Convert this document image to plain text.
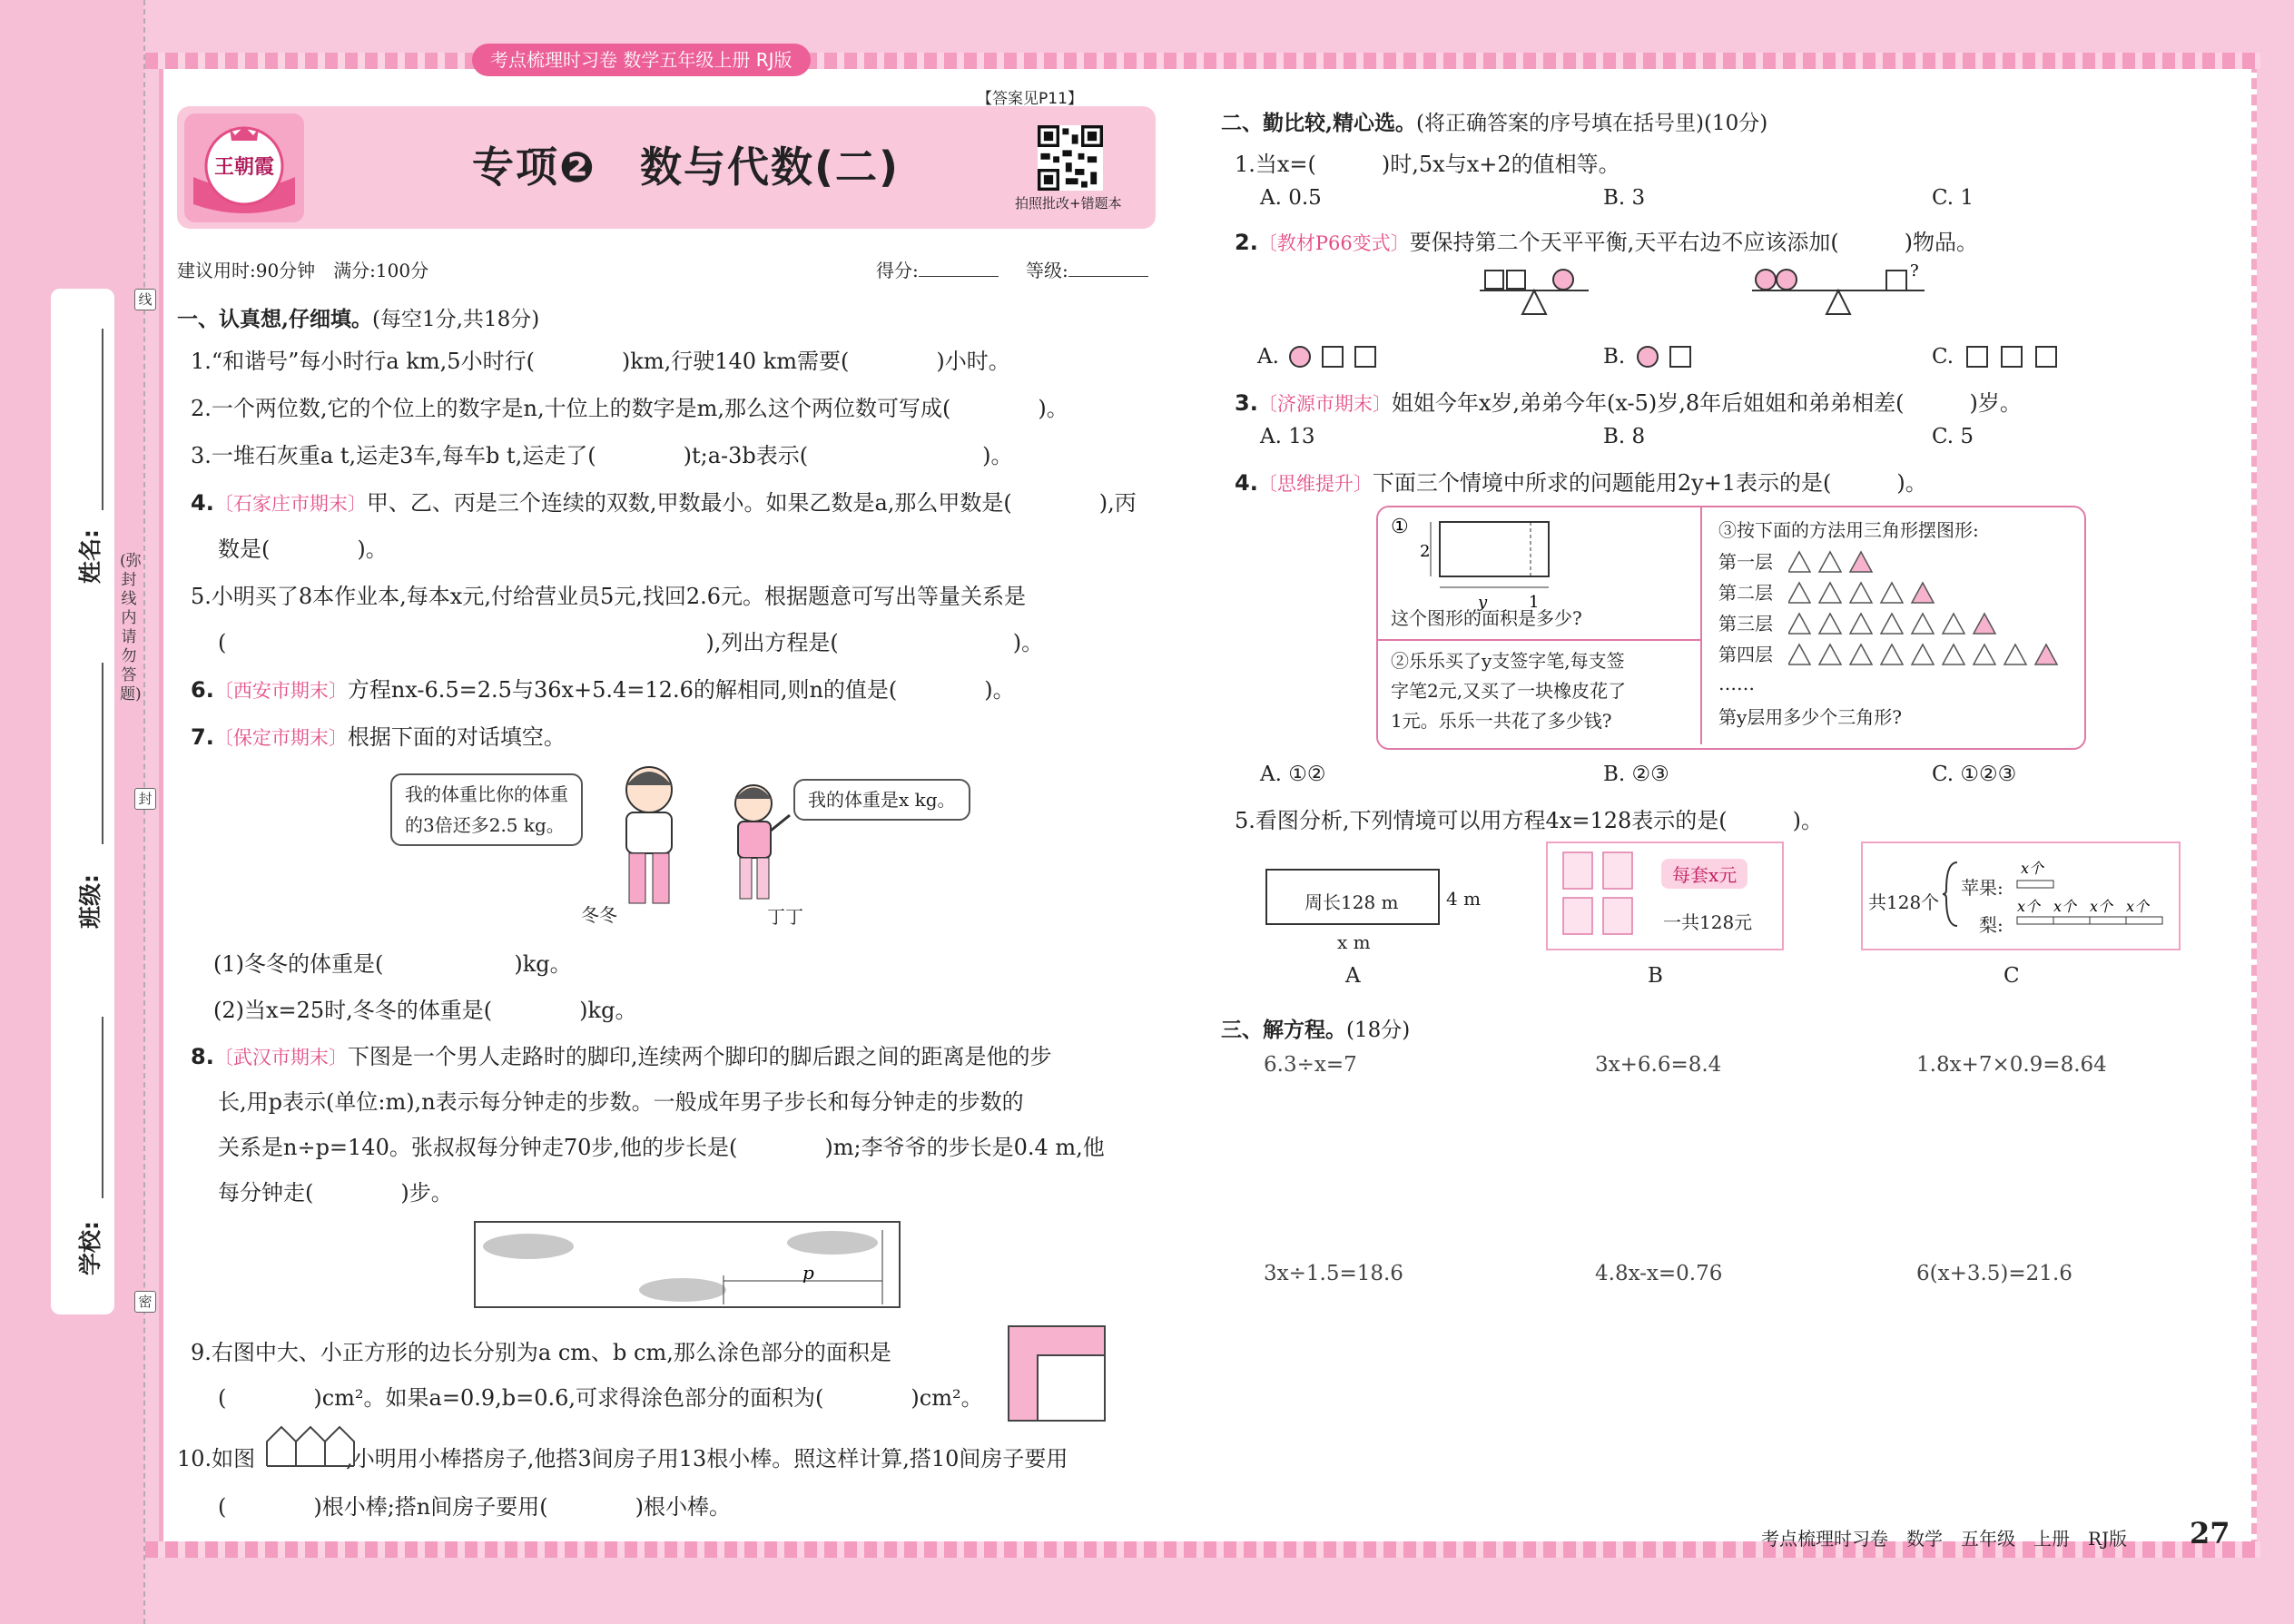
线
封
密
姓名:
班级:
学校:
(弥封线内请勿答题)
考点梳理时习卷 数学五年级上册 RJ版
王朝霞
【答案见P11】
专项❷　数与代数(二)
拍照批改+错题本
建议用时:90分钟　 满分:100分	得分:	等级:
一、认真想,仔细填。(每空1分,共18分)
1.“和谐号”每小时行a km,5小时行(　　　　)km,行驶140 km需要(　　　　)小时。
2.一个两位数,它的个位上的数字是n,十位上的数字是m,那么这个两位数可写成(　　　　)。
3.一堆石灰重a t,运走3车,每车b t,运走了(　　　　)t;a-3b表示(　　　　　　　　)。
4.〔石家庄市期末〕甲、乙、丙是三个连续的双数,甲数最小。如果乙数是a,那么甲数是(　　　　),丙
数是(　　　　)。
5.小明买了8本作业本,每本x元,付给营业员5元,找回2.6元。根据题意可写出等量关系是
(　　　　　　　　　　　　　　　　　　　　　　),列出方程是(　　　　　　　　)。
6.〔西安市期末〕方程nx-6.5=2.5与36x+5.4=12.6的解相同,则n的值是(　　　　)。
7.〔保定市期末〕根据下面的对话填空。
我的体重比你的体重
的3倍还多2.5 kg。
我的体重是x kg。
冬冬	丁丁
(1)冬冬的体重是(　　　　　　)kg。
(2)当x=25时,冬冬的体重是(　　　　)kg。
8.〔武汉市期末〕下图是一个男人走路时的脚印,连续两个脚印的脚后跟之间的距离是他的步
长,用p表示(单位:m),n表示每分钟走的步数。一般成年男子步长和每分钟走的步数的
关系是n÷p=140。张叔叔每分钟走70步,他的步长是(　　　　)m;李爷爷的步长是0.4 m,他
每分钟走(　　　　)步。
p
9.右图中大、小正方形的边长分别为a cm、b cm,那么涂色部分的面积是
(　　　　)cm²。如果a=0.9,b=0.6,可求得涂色部分的面积为(　　　　)cm²。
10.如图	,小明用小棒搭房子,他搭3间房子用13根小棒。照这样计算,搭10间房子要用
(　　　　)根小棒;搭n间房子要用(　　　　)根小棒。
二、勤比较,精心选。(将正确答案的序号填在括号里)(10分)
1.当x=(　　　)时,5x与x+2的值相等。
A. 0.5	B. 3	C. 1
2.〔教材P66变式〕要保持第二个天平平衡,天平右边不应该添加(　　　)物品。
?
A.	B.	C.
3.〔济源市期末〕姐姐今年x岁,弟弟今年(x-5)岁,8年后姐姐和弟弟相差(　　　)岁。
A. 13	B. 8	C. 5
4.〔思维提升〕下面三个情境中所求的问题能用2y+1表示的是(　　　)。
2
y	1
①
这个图形的面积是多少?
②乐乐买了y支签字笔,每支签
字笔2元,又买了一块橡皮花了
1元。乐乐一共花了多少钱?
③按下面的方法用三角形摆图形:
第一层
第二层
第三层
第四层
……
第y层用多少个三角形?
A. ①②	B. ②③	C. ①②③
5.看图分析,下列情境可以用方程4x=128表示的是(　　　)。
周长128 m	4 m
x m
每套x元
一共128元
共128个
苹果:
梨:
x个
x个 x个 x个 x个
A	B	C
三、解方程。(18分)
6.3÷x=7	3x+6.6=8.4	1.8x+7×0.9=8.64
3x÷1.5=18.6	4.8x-x=0.76	6(x+3.5)=21.6
考点梳理时习卷　数学　五年级　上册　RJ版 27
